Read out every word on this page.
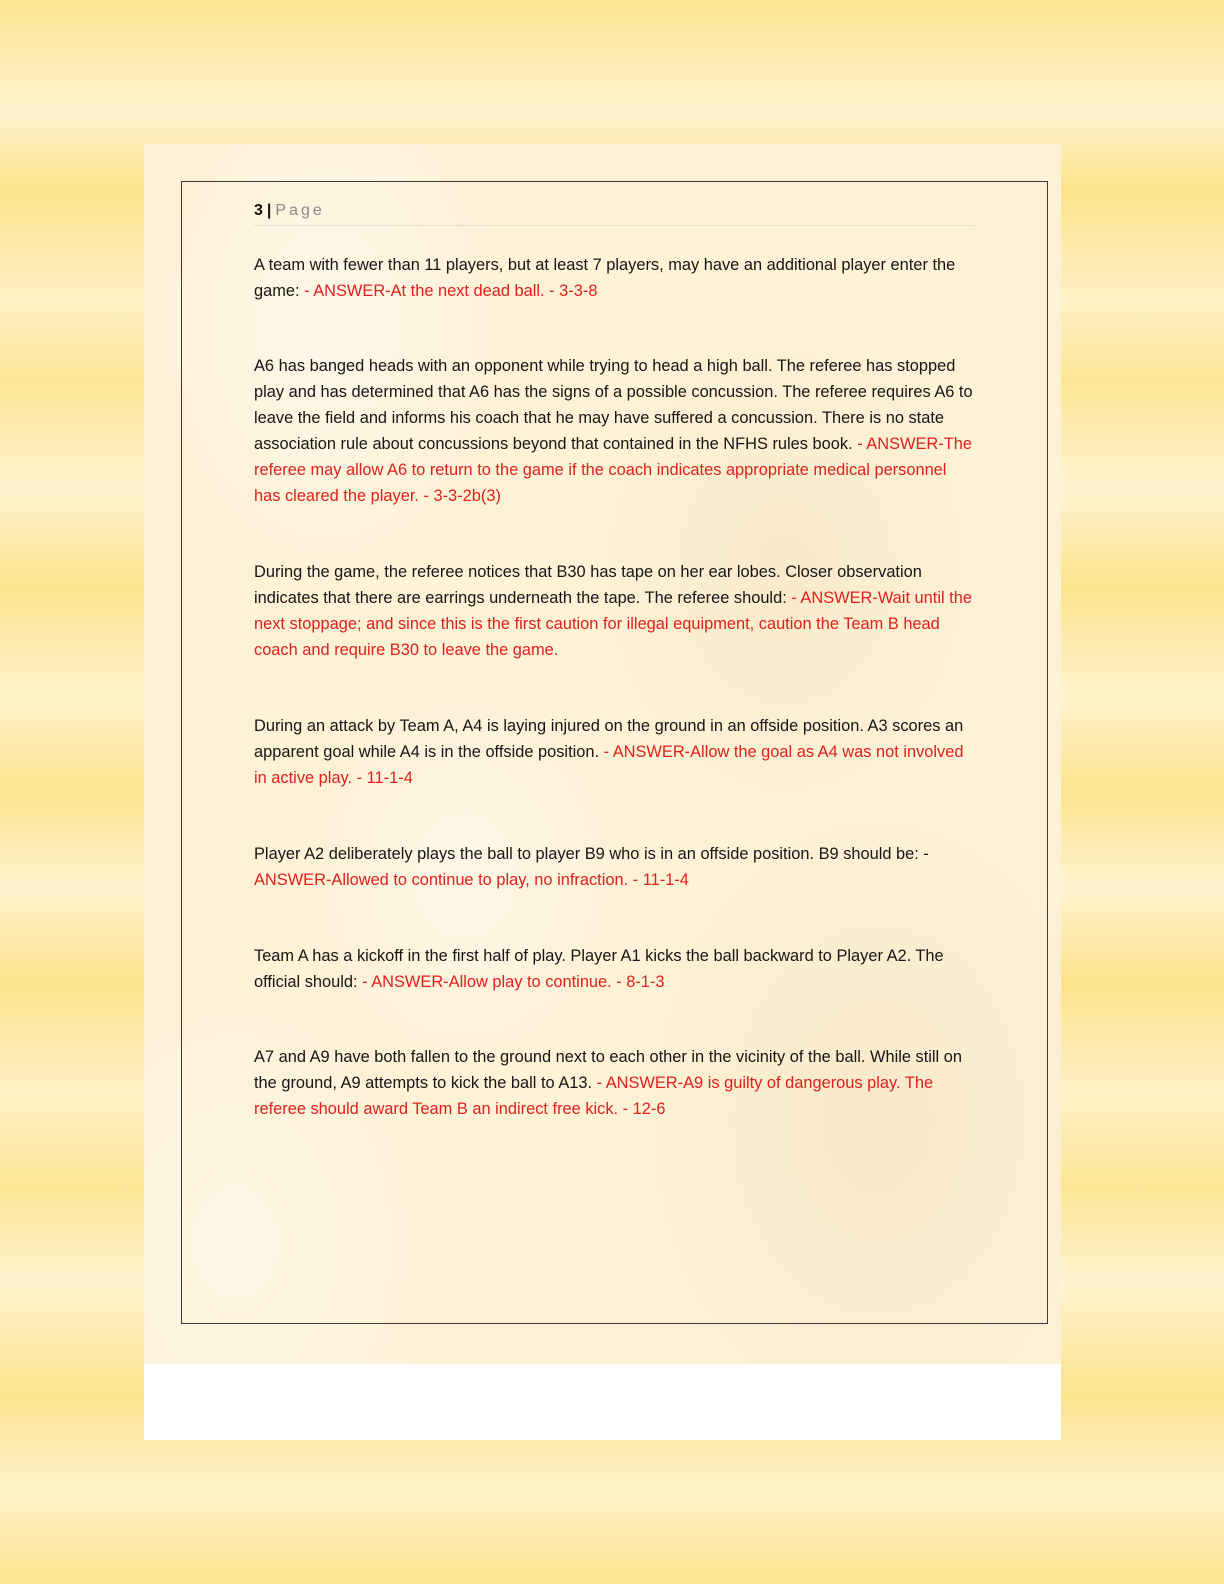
3 | Page

A team with fewer than 11 players, but at least 7 players, may have an additional player enter the game: - ANSWER-At the next dead ball. - 3-3-8

A6 has banged heads with an opponent while trying to head a high ball. The referee has stopped play and has determined that A6 has the signs of a possible concussion. The referee requires A6 to leave the field and informs his coach that he may have suffered a concussion. There is no state association rule about concussions beyond that contained in the NFHS rules book. - ANSWER-The referee may allow A6 to return to the game if the coach indicates appropriate medical personnel has cleared the player. - 3-3-2b(3)

During the game, the referee notices that B30 has tape on her ear lobes. Closer observation indicates that there are earrings underneath the tape. The referee should: - ANSWER-Wait until the next stoppage; and since this is the first caution for illegal equipment, caution the Team B head coach and require B30 to leave the game.

During an attack by Team A, A4 is laying injured on the ground in an offside position. A3 scores an apparent goal while A4 is in the offside position. - ANSWER-Allow the goal as A4 was not involved in active play. - 11-1-4

Player A2 deliberately plays the ball to player B9 who is in an offside position. B9 should be: - ANSWER-Allowed to continue to play, no infraction. - 11-1-4

Team A has a kickoff in the first half of play. Player A1 kicks the ball backward to Player A2. The official should: - ANSWER-Allow play to continue. - 8-1-3

A7 and A9 have both fallen to the ground next to each other in the vicinity of the ball. While still on the ground, A9 attempts to kick the ball to A13. - ANSWER-A9 is guilty of dangerous play. The referee should award Team B an indirect free kick. - 12-6
